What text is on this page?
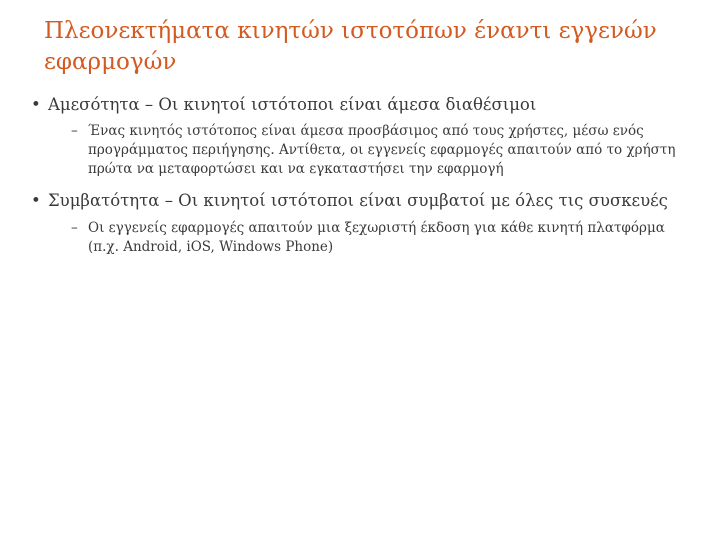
Πλεονεκτήματα κινητών ιστοτόπων έναντι εγγενών εφαρμογών
• Αμεσότητα – Οι κινητοί ιστότοποι είναι άμεσα διαθέσιμοι
– Ένας κινητός ιστότοπος είναι άμεσα προσβάσιμος από τους χρήστες, μέσω ενός προγράμματος περιήγησης. Αντίθετα, οι εγγενείς εφαρμογές απαιτούν από το χρήστη πρώτα να μεταφορτώσει και να εγκαταστήσει την εφαρμογή
• Συμβατότητα – Οι κινητοί ιστότοποι είναι συμβατοί με όλες τις συσκευές
– Οι εγγενείς εφαρμογές απαιτούν μια ξεχωριστή έκδοση για κάθε κινητή πλατφόρμα (π.χ. Android, iOS, Windows Phone)
